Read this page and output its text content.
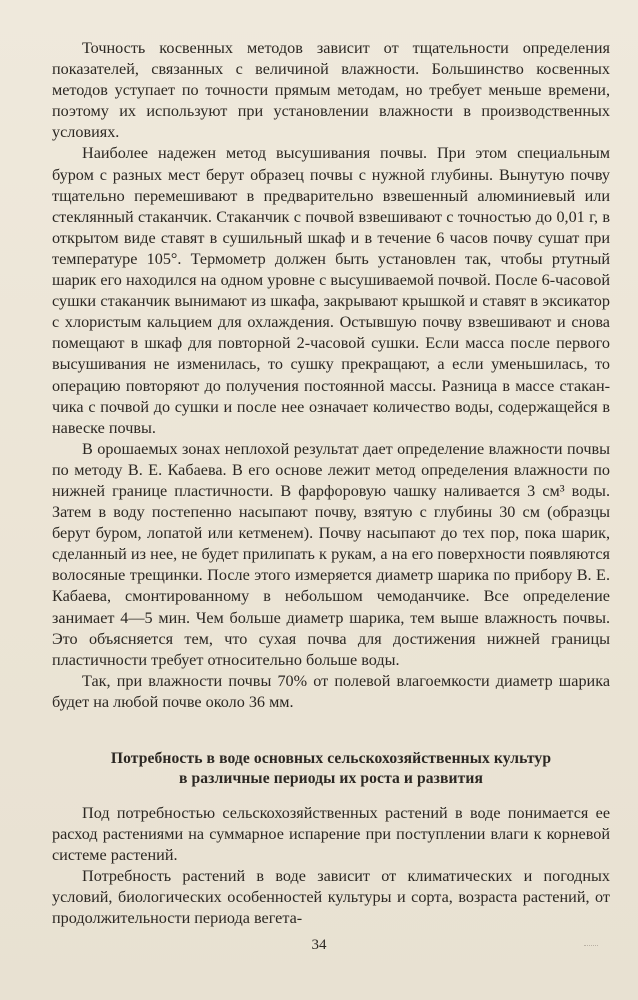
Точность косвенных методов зависит от тщательности определения показателей, связанных с величиной влажности. Большинство косвенных методов уступает по точности прямым методам, но требует меньше времени, поэтому их используют при установлении влажности в производственных условиях.

Наиболее надежен метод высушивания почвы. При этом специальным буром с разных мест берут образец почвы с нужной глубины. Вынутую почву тщательно перемешивают в предварительно взвешенный алюминиевый или стеклянный стаканчик. Стаканчик с почвой взвешивают с точностью до 0,01 г, в открытом виде ставят в сушильный шкаф и в течение 6 часов почву сушат при температуре 105°. Термометр должен быть установлен так, чтобы ртутный шарик его находился на одном уровне с высушиваемой почвой. После 6-часовой сушки стаканчик вынимают из шкафа, закрывают крышкой и ставят в эксикатор с хлористым кальцием для охлаждения. Остывшую почву взвешивают и снова помещают в шкаф для повторной 2-часовой сушки. Если масса после первого высушивания не изменилась, то сушку прекращают, а если уменьшилась, то операцию повторяют до получения постоянной массы. Разница в массе стаканчика с почвой до сушки и после нее означает количество воды, содержащейся в навеске почвы.

В орошаемых зонах неплохой результат дает определение влажности почвы по методу В. Е. Кабаева. В его основе лежит метод определения влажности по нижней границе пластичности. В фарфоровую чашку наливается 3 см³ воды. Затем в воду постепенно насыпают почву, взятую с глубины 30 см (образцы берут буром, лопатой или кетменем). Почву насыпают до тех пор, пока шарик, сделанный из нее, не будет прилипать к рукам, а на его поверхности появляются волосяные трещинки. После этого измеряется диаметр шарика по прибору В. Е. Кабаева, смонтированному в небольшом чемоданчике. Все определение занимает 4—5 мин. Чем больше диаметр шарика, тем выше влажность почвы. Это объясняется тем, что сухая почва для достижения нижней границы пластичности требует относительно больше воды.

Так, при влажности почвы 70% от полевой влагоемкости диаметр шарика будет на любой почве около 36 мм.

Потребность в воде основных сельскохозяйственных культур
в различные периоды их роста и развития

Под потребностью сельскохозяйственных растений в воде понимается ее расход растениями на суммарное испарение при поступлении влаги к корневой системе растений.

Потребность растений в воде зависит от климатических и погодных условий, биологических особенностей культуры и сорта, возраста растений, от продолжительности периода вегета-

34
